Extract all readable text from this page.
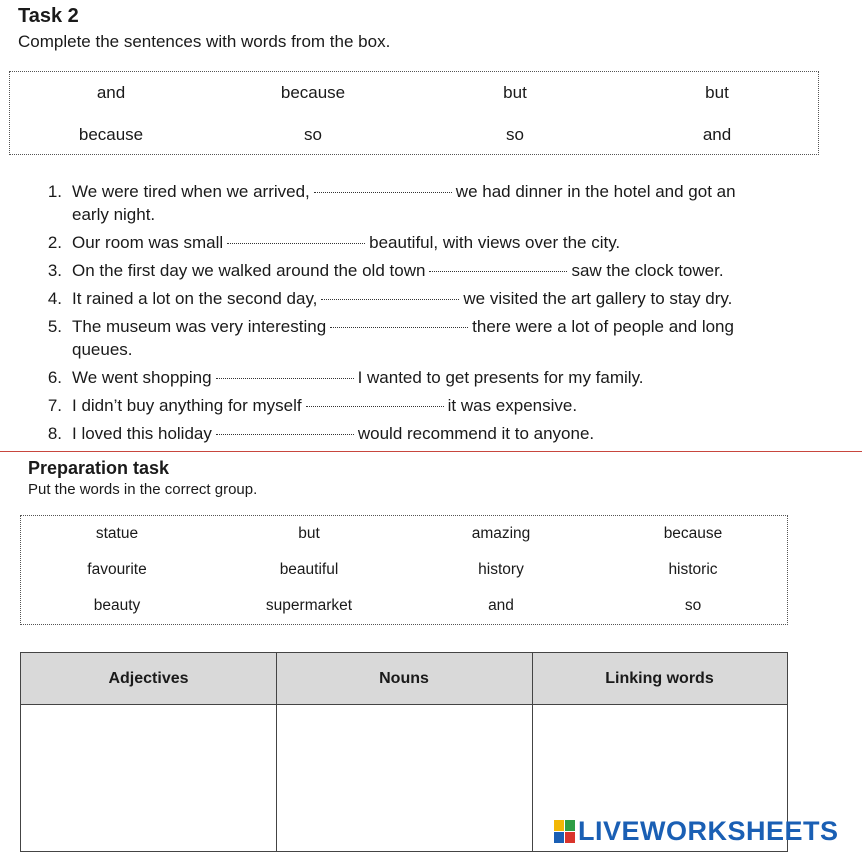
Task 2
Complete the sentences with words from the box.
and	because	but	but
because	so	so	and
1. We were tired when we arrived,	we had dinner in the hotel and got an
early night.
2. Our room was small	beautiful, with views over the city.
3. On the first day we walked around the old town	saw the clock tower.
4. It rained a lot on the second day,	we visited the art gallery to stay dry.
5. The museum was very interesting	there were a lot of people and long
queues.
6. We went shopping	I wanted to get presents for my family.
7. I didn’t buy anything for myself	it was expensive.
8. I loved this holiday	would recommend it to anyone.
Preparation task
Put the words in the correct group.
statue	but	amazing	because
favourite	beautiful	history	historic
beauty	supermarket	and	so
Adjectives	Nouns	Linking words
LIVEWORKSHEETS
